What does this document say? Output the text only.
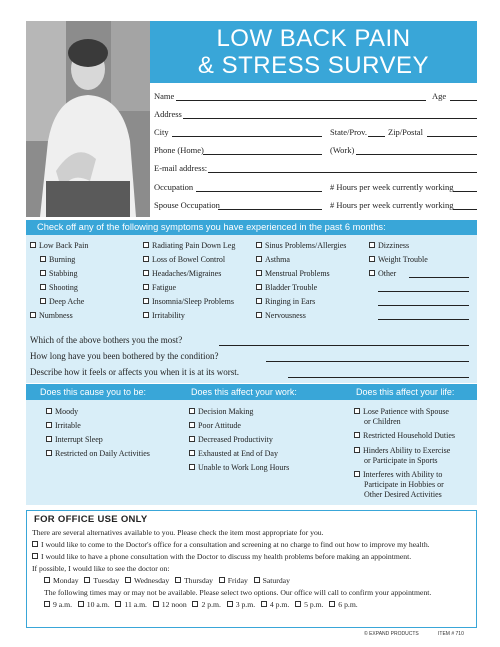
LOW BACK PAIN
& STRESS SURVEY
Name	Age
Address
City	State/Prov. Zip/Postal
Phone (Home)	(Work)
E-mail address:
Occupation	# Hours per week currently working
Spouse Occupation	# Hours per week currently working
Check off any of the following symptoms you have experienced in the past 6 months:
Low Back Pain
Burning
Stabbing
Shooting
Deep Ache
Numbness
Radiating Pain Down Leg
Loss of Bowel Control
Headaches/Migraines
Fatigue
Insomnia/Sleep Problems
Irritability
Sinus Problems/Allergies
Asthma
Menstrual Problems
Bladder Trouble
Ringing in Ears
Nervousness
Dizziness
Weight Trouble
Other
Which of the above bothers you the most?
How long have you been bothered by the condition?
Describe how it feels or affects you when it is at its worst.
Does this cause you to be:	Does this affect your work:	Does this affect your life:
Moody
Irritable
Interrupt Sleep
Restricted on Daily Activities
Decision Making
Poor Attitude
Decreased Productivity
Exhausted at End of Day
Unable to Work Long Hours
Lose Patience with Spouse
or Children
Restricted Household Duties
Hinders Ability to Exercise
or Participate in Sports
Interferes with Ability to
Participate in Hobbies or
Other Desired Activities
FOR OFFICE USE ONLY
There are several alternatives available to you. Please check the item most appropriate for you.
I would like to come to the Doctor's office for a consultation and screening at no charge to find out how to improve my health.
I would like to have a phone consultation with the Doctor to discuss my health problems before making an appointment.
If possible, I would like to see the doctor on:
Monday Tuesday Wednesday Thursday Friday Saturday
The following times may or may not be available. Please select two options. Our office will call to confirm your appointment.
9 a.m. 10 a.m. 11 a.m. 12 noon 2 p.m. 3 p.m. 4 p.m. 5 p.m. 6 p.m.
© EXPAND PRODUCTS	ITEM # 710
